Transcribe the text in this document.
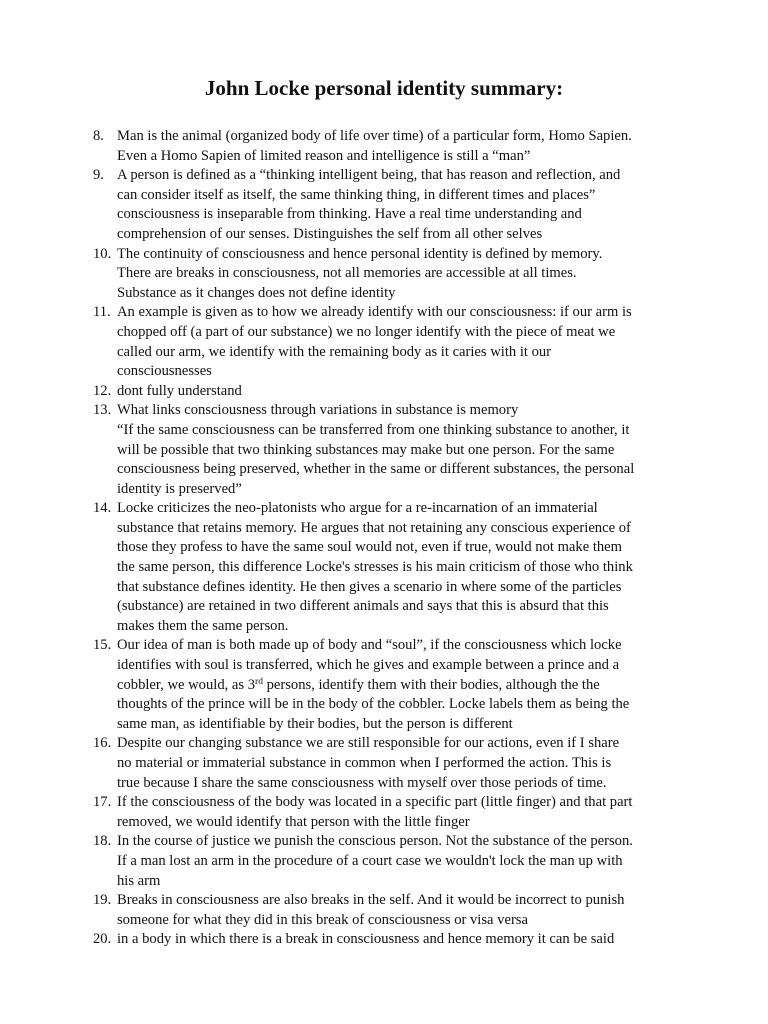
John Locke personal identity summary:
8. Man is the animal (organized body of life over time) of a particular form, Homo Sapien.
Even a Homo Sapien of limited reason and intelligence is still a “man”
9. A person is defined as a “thinking intelligent being, that has reason and reflection, and
can consider itself as itself, the same thinking thing, in different times and places”
consciousness is inseparable from thinking. Have a real time understanding and
comprehension of our senses. Distinguishes the self from all other selves
10. The continuity of consciousness and hence personal identity is defined by memory.
There are breaks in consciousness, not all memories are accessible at all times.
Substance as it changes does not define identity
11. An example is given as to how we already identify with our consciousness: if our arm is
chopped off (a part of our substance) we no longer identify with the piece of meat we
called our arm, we identify with the remaining body as it caries with it our
consciousnesses
12. dont fully understand
13. What links consciousness through variations in substance is memory
“If the same consciousness can be transferred from one thinking substance to another, it
will be possible that two thinking substances may make but one person. For the same
consciousness being preserved, whether in the same or different substances, the personal
identity is preserved”
14. Locke criticizes the neo-platonists who argue for a re-incarnation of an immaterial
substance that retains memory. He argues that not retaining any conscious experience of
those they profess to have the same soul would not, even if true, would not make them
the same person, this difference Locke's stresses is his main criticism of those who think
that substance defines identity. He then gives a scenario in where some of the particles
(substance) are retained in two different animals and says that this is absurd that this
makes them the same person.
15. Our idea of man is both made up of body and “soul”, if the consciousness which locke
identifies with soul is transferred, which he gives and example between a prince and a
cobbler, we would, as 3rd persons, identify them with their bodies, although the the
thoughts of the prince will be in the body of the cobbler. Locke labels them as being the
same man, as identifiable by their bodies, but the person is different
16. Despite our changing substance we are still responsible for our actions, even if I share
no material or immaterial substance in common when I performed the action. This is
true because I share the same consciousness with myself over those periods of time.
17. If the consciousness of the body was located in a specific part (little finger) and that part
removed, we would identify that person with the little finger
18. In the course of justice we punish the conscious person. Not the substance of the person.
If a man lost an arm in the procedure of a court case we wouldn't lock the man up with
his arm
19. Breaks in consciousness are also breaks in the self. And it would be incorrect to punish
someone for what they did in this break of consciousness or visa versa
20. in a body in which there is a break in consciousness and hence memory it can be said
